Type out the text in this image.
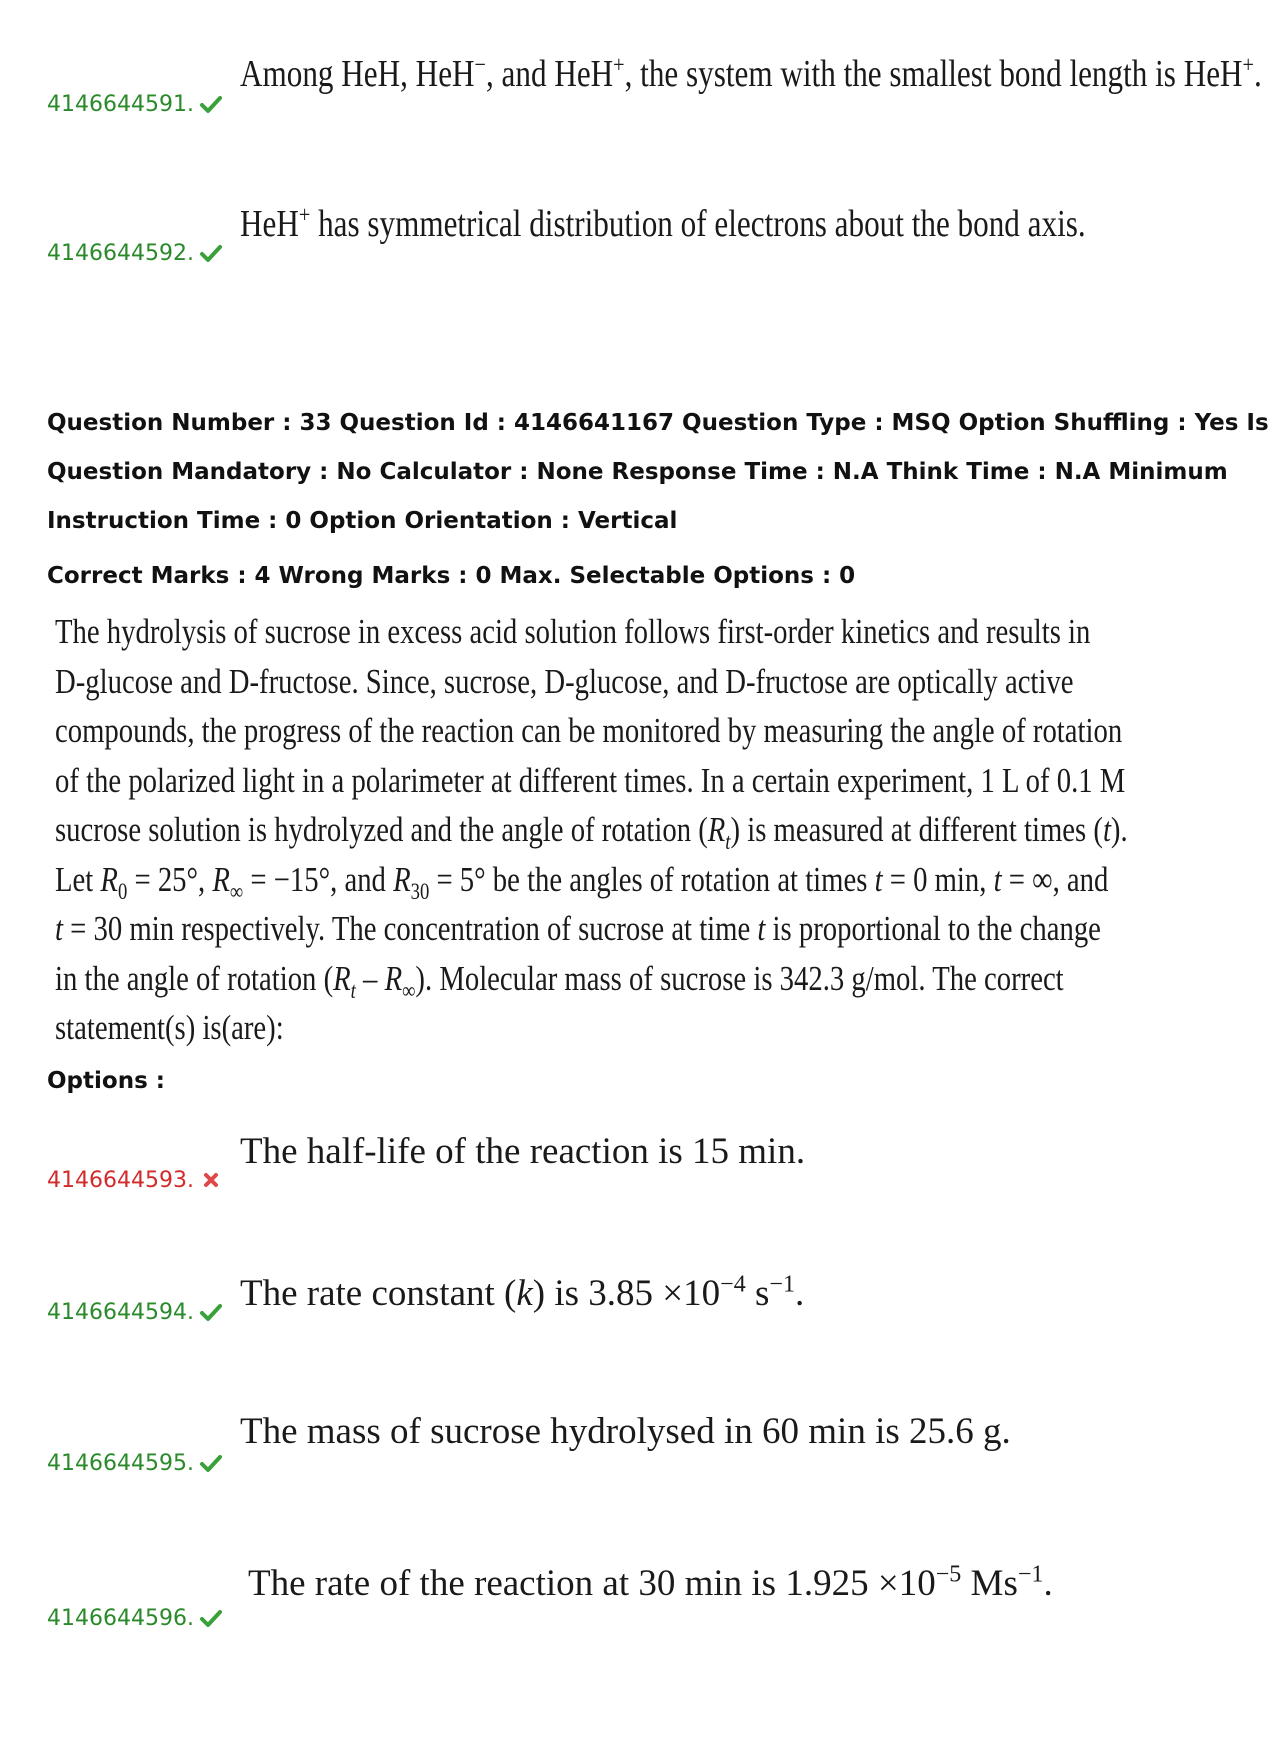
Among HeH, HeH−, and HeH+, the system with the smallest bond length is HeH+.
4146644591.
HeH+ has symmetrical distribution of electrons about the bond axis.
4146644592.
Question Number : 33 Question Id : 4146641167 Question Type : MSQ Option Shuffling : Yes Is
Question Mandatory : No Calculator : None Response Time : N.A Think Time : N.A Minimum
Instruction Time : 0 Option Orientation : Vertical
Correct Marks : 4 Wrong Marks : 0 Max. Selectable Options : 0
The hydrolysis of sucrose in excess acid solution follows first-order kinetics and results in
D-glucose and D-fructose. Since, sucrose, D-glucose, and D-fructose are optically active
compounds, the progress of the reaction can be monitored by measuring the angle of rotation
of the polarized light in a polarimeter at different times. In a certain experiment, 1 L of 0.1 M
sucrose solution is hydrolyzed and the angle of rotation $(R_t)$ is measured at different times (t).
Let $R_0 = 25^\circ$, $R_\infty = -15^\circ$, and $R_{30} = 5^\circ$ be the angles of rotation at times t = 0 min, t = ∞, and
t = 30 min respectively. The concentration of sucrose at time t is proportional to the change
in the angle of rotation $(R_t - R_\infty)$. Molecular mass of sucrose is 342.3 g/mol. The correct
statement(s) is(are):
Options :
The half-life of the reaction is 15 min.
4146644593.
The rate constant (k) is $3.85 \times 10^{-4}$ $s^{-1}$.
4146644594.
The mass of sucrose hydrolysed in 60 min is 25.6 g.
4146644595.
The rate of the reaction at 30 min is $1.925 \times 10^{-5}$ $Ms^{-1}$.
4146644596.
